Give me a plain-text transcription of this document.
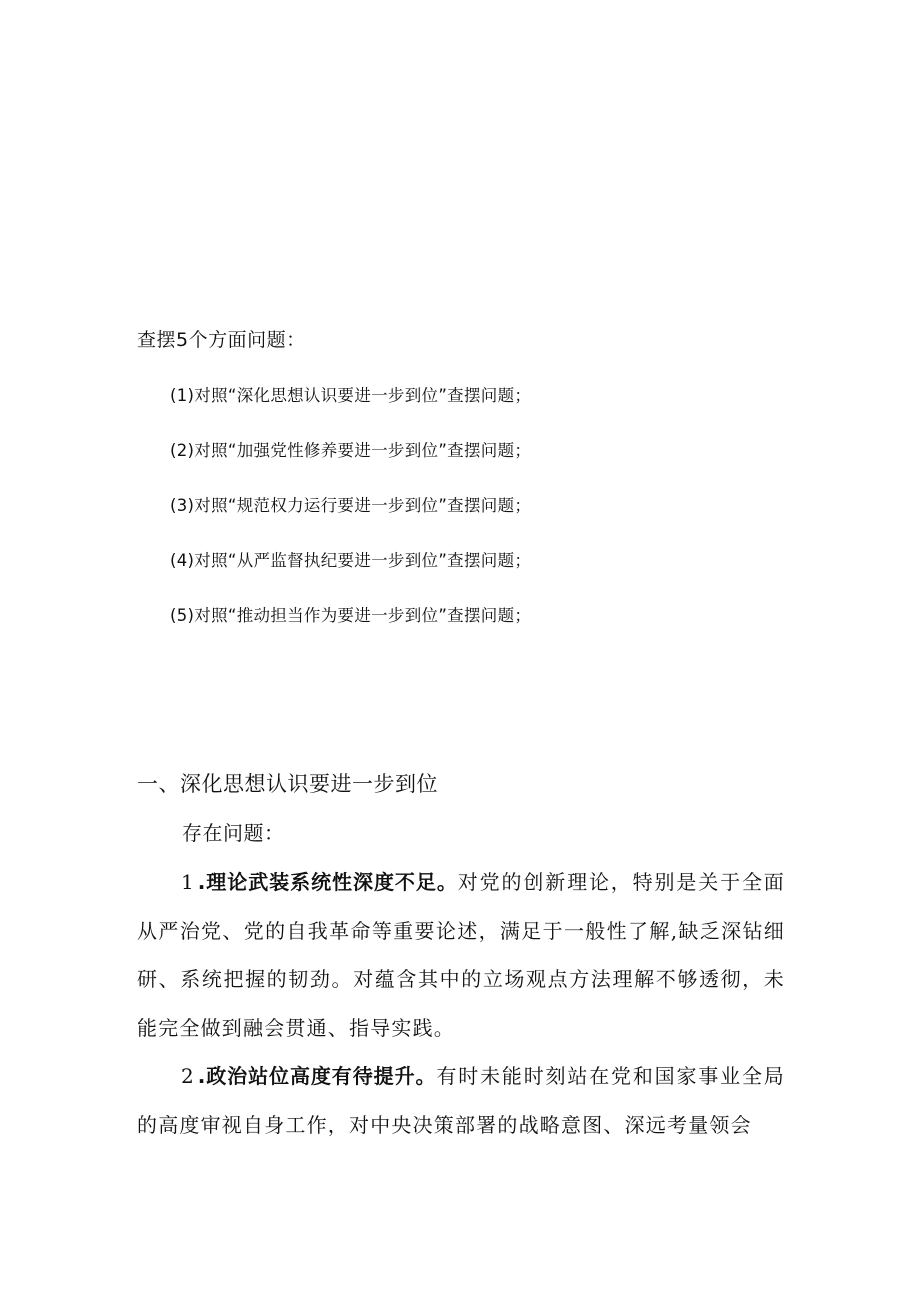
查摆5个方面问题：
(1)对照“深化思想认识要进一步到位”查摆问题；
(2)对照“加强党性修养要进一步到位”查摆问题；
(3)对照“规范权力运行要进一步到位”查摆问题；
(4)对照“从严监督执纪要进一步到位”查摆问题；
(5)对照“推动担当作为要进一步到位”查摆问题；
一、深化思想认识要进一步到位
存在问题：

1 .理论武装系统性深度不足。对党的创新理论，特别是关于全面从严治党、党的自我革命等重要论述，满足于一般性了解,缺乏深钻细研、系统把握的韧劲。对蕴含其中的立场观点方法理解不够透彻，未能完全做到融会贯通、指导实践。

2 .政治站位高度有待提升。有时未能时刻站在党和国家事业全局的高度审视自身工作，对中央决策部署的战略意图、深远考量领会
